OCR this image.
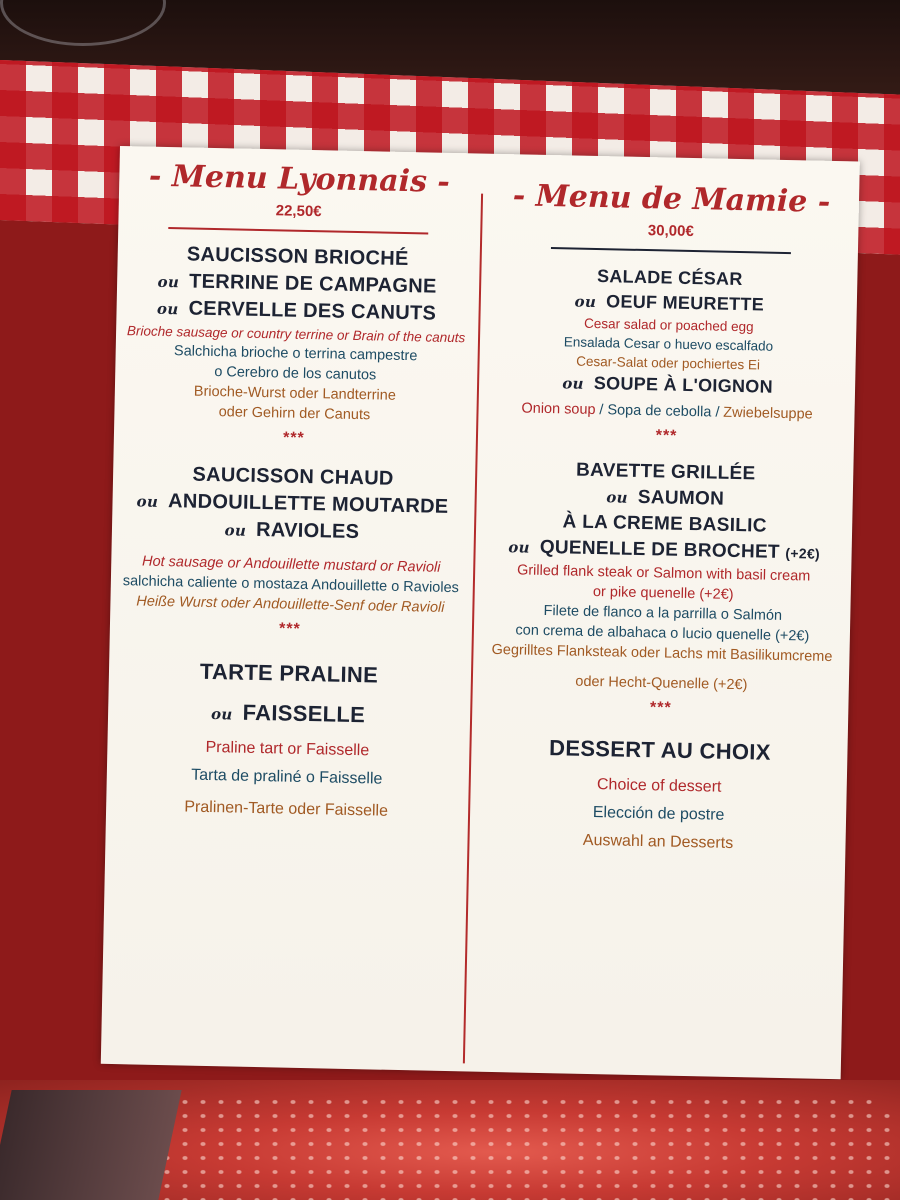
- Menu Lyonnais -

22,50€

SAUCISSON BRIOCHÉ

ou TERRINE DE CAMPAGNE

ou CERVELLE DES CANUTS

Brioche sausage or country terrine or Brain of the canuts

Salchicha brioche o terrina campestre

o Cerebro de los canutos

Brioche-Wurst oder Landterrine

oder Gehirn der Canuts

***

SAUCISSON CHAUD

ou ANDOUILLETTE MOUTARDE

ou RAVIOLES

Hot sausage or Andouillette mustard or Ravioli

salchicha caliente o mostaza Andouillette o Ravioles

Heiße Wurst oder Andouillette-Senf oder Ravioli

***

TARTE PRALINE

ou FAISSELLE

Praline tart or Faisselle

Tarta de praliné o Faisselle

Pralinen-Tarte oder Faisselle

- Menu de Mamie -

30,00€

SALADE CÉSAR

ou OEUF MEURETTE

Cesar salad or poached egg

Ensalada Cesar o huevo escalfado

Cesar-Salat oder pochiertes Ei

ou SOUPE À L'OIGNON

Onion soup / Sopa de cebolla / Zwiebelsuppe

***

BAVETTE GRILLÉE

ou SAUMON

À LA CREME BASILIC

ou QUENELLE DE BROCHET (+2€)

Grilled flank steak or Salmon with basil cream

or pike quenelle (+2€)

Filete de flanco a la parrilla o Salmón

con crema de albahaca o lucio quenelle (+2€)

Gegrilltes Flanksteak oder Lachs mit Basilikumcreme

oder Hecht-Quenelle (+2€)

***

DESSERT AU CHOIX

Choice of dessert

Elección de postre

Auswahl an Desserts
